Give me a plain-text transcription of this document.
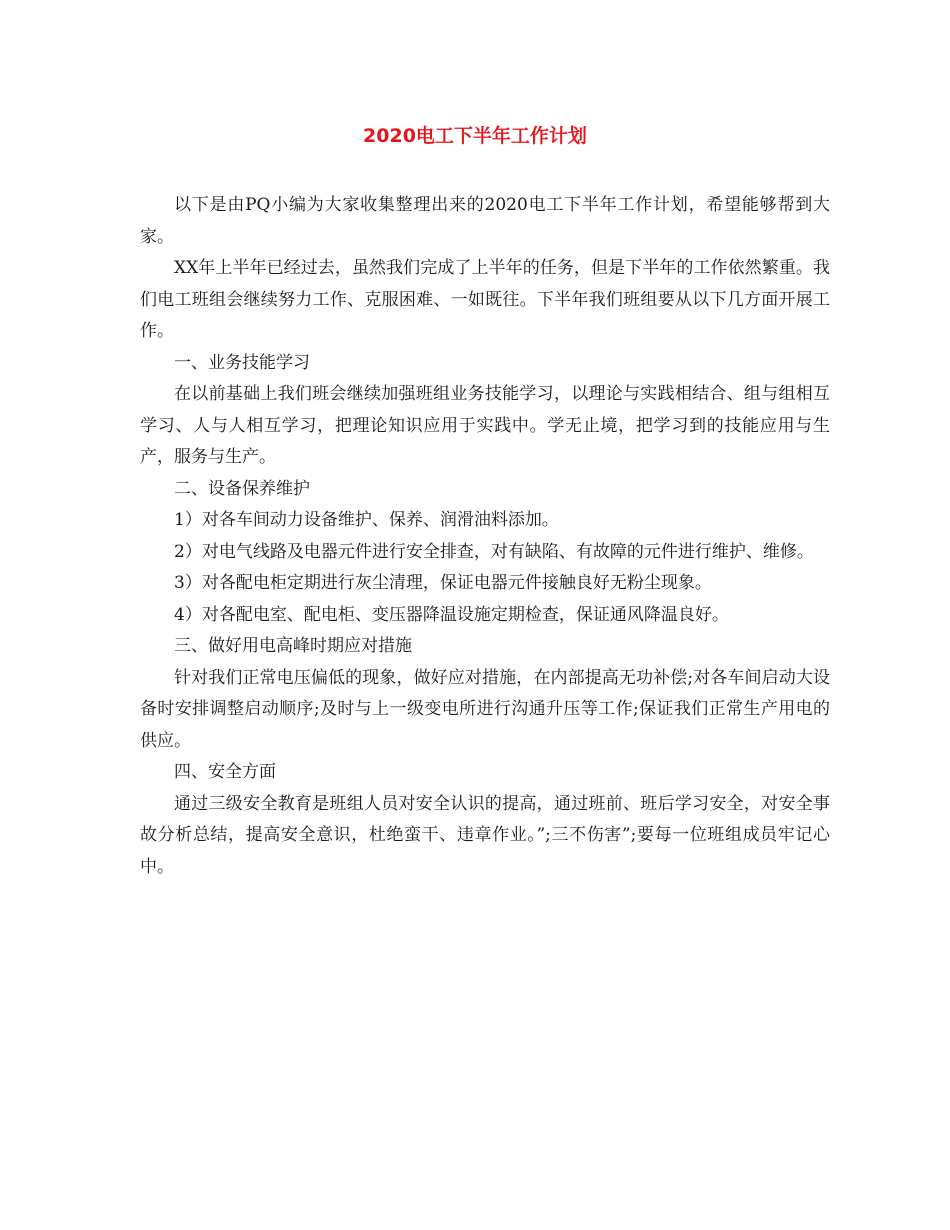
2020电工下半年工作计划

以下是由PQ小编为大家收集整理出来的2020电工下半年工作计划，希望能够帮到大家。

XX年上半年已经过去，虽然我们完成了上半年的任务，但是下半年的工作依然繁重。我们电工班组会继续努力工作、克服困难、一如既往。下半年我们班组要从以下几方面开展工作。

一、业务技能学习

在以前基础上我们班会继续加强班组业务技能学习，以理论与实践相结合、组与组相互学习、人与人相互学习，把理论知识应用于实践中。学无止境，把学习到的技能应用与生产，服务与生产。

二、设备保养维护

1）对各车间动力设备维护、保养、润滑油料添加。

2）对电气线路及电器元件进行安全排查，对有缺陷、有故障的元件进行维护、维修。

3）对各配电柜定期进行灰尘清理，保证电器元件接触良好无粉尘现象。

4）对各配电室、配电柜、变压器降温设施定期检查，保证通风降温良好。

三、做好用电高峰时期应对措施

针对我们正常电压偏低的现象，做好应对措施，在内部提高无功补偿;对各车间启动大设备时安排调整启动顺序;及时与上一级变电所进行沟通升压等工作;保证我们正常生产用电的供应。

四、安全方面

通过三级安全教育是班组人员对安全认识的提高，通过班前、班后学习安全，对安全事故分析总结，提高安全意识，杜绝蛮干、违章作业。”;三不伤害”;要每一位班组成员牢记心中。
